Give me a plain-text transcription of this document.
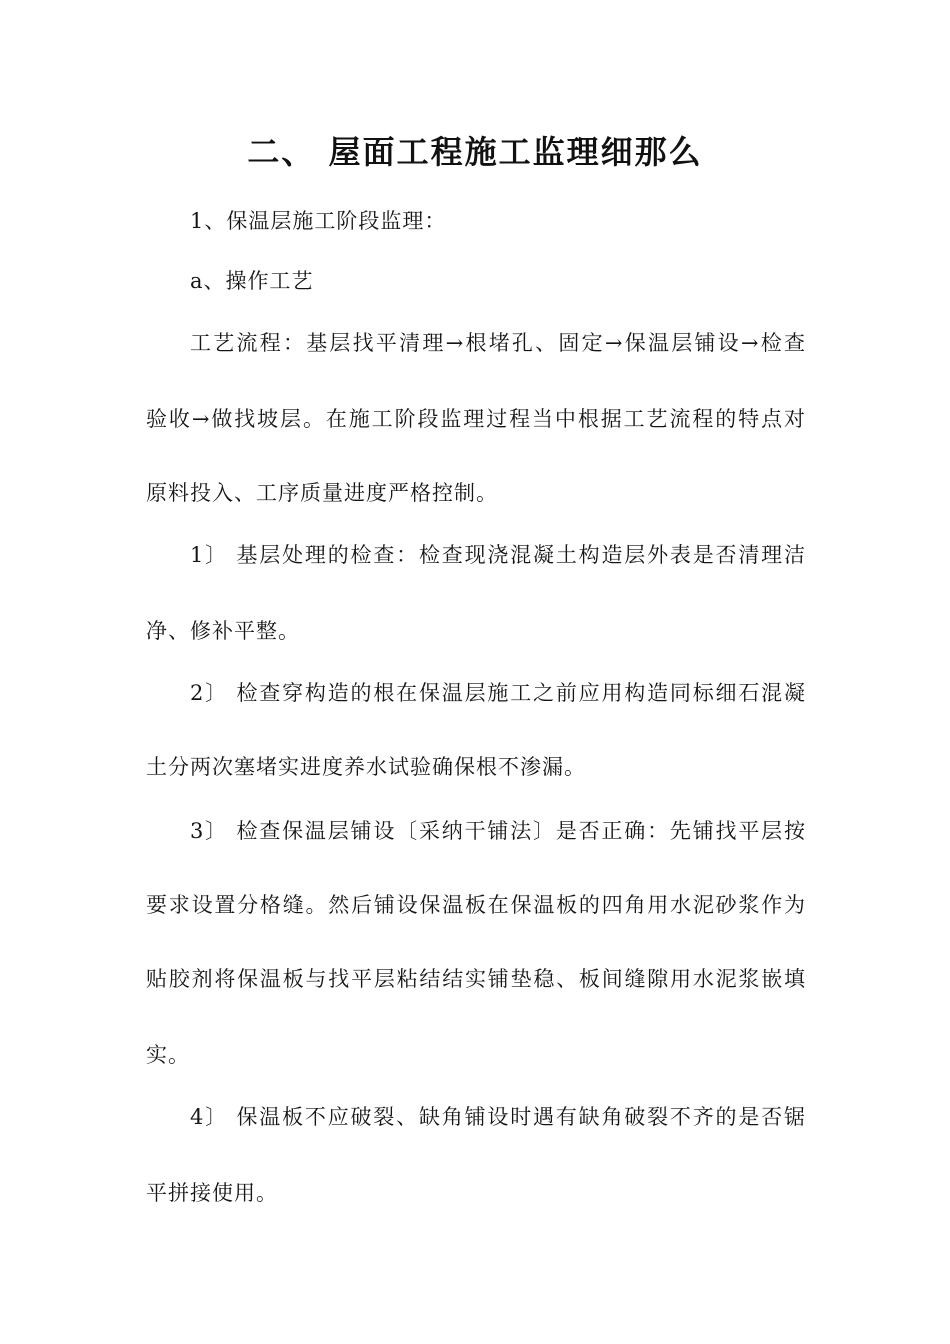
二、 屋面工程施工监理细那么
1、保温层施工阶段监理：
a、操作工艺
工艺流程：基层找平清理→根堵孔、固定→保温层铺设→检查
验收→做找坡层。在施工阶段监理过程当中根据工艺流程的特点对
原料投入、工序质量进度严格控制。
1〕 基层处理的检查：检查现浇混凝土构造层外表是否清理洁
净、修补平整。
2〕 检查穿构造的根在保温层施工之前应用构造同标细石混凝
土分两次塞堵实进度养水试验确保根不渗漏。
3〕 检查保温层铺设〔采纳干铺法〕是否正确：先铺找平层按
要求设置分格缝。然后铺设保温板在保温板的四角用水泥砂浆作为
贴胶剂将保温板与找平层粘结结实铺垫稳、板间缝隙用水泥浆嵌填
实。
4〕 保温板不应破裂、缺角铺设时遇有缺角破裂不齐的是否锯
平拼接使用。
